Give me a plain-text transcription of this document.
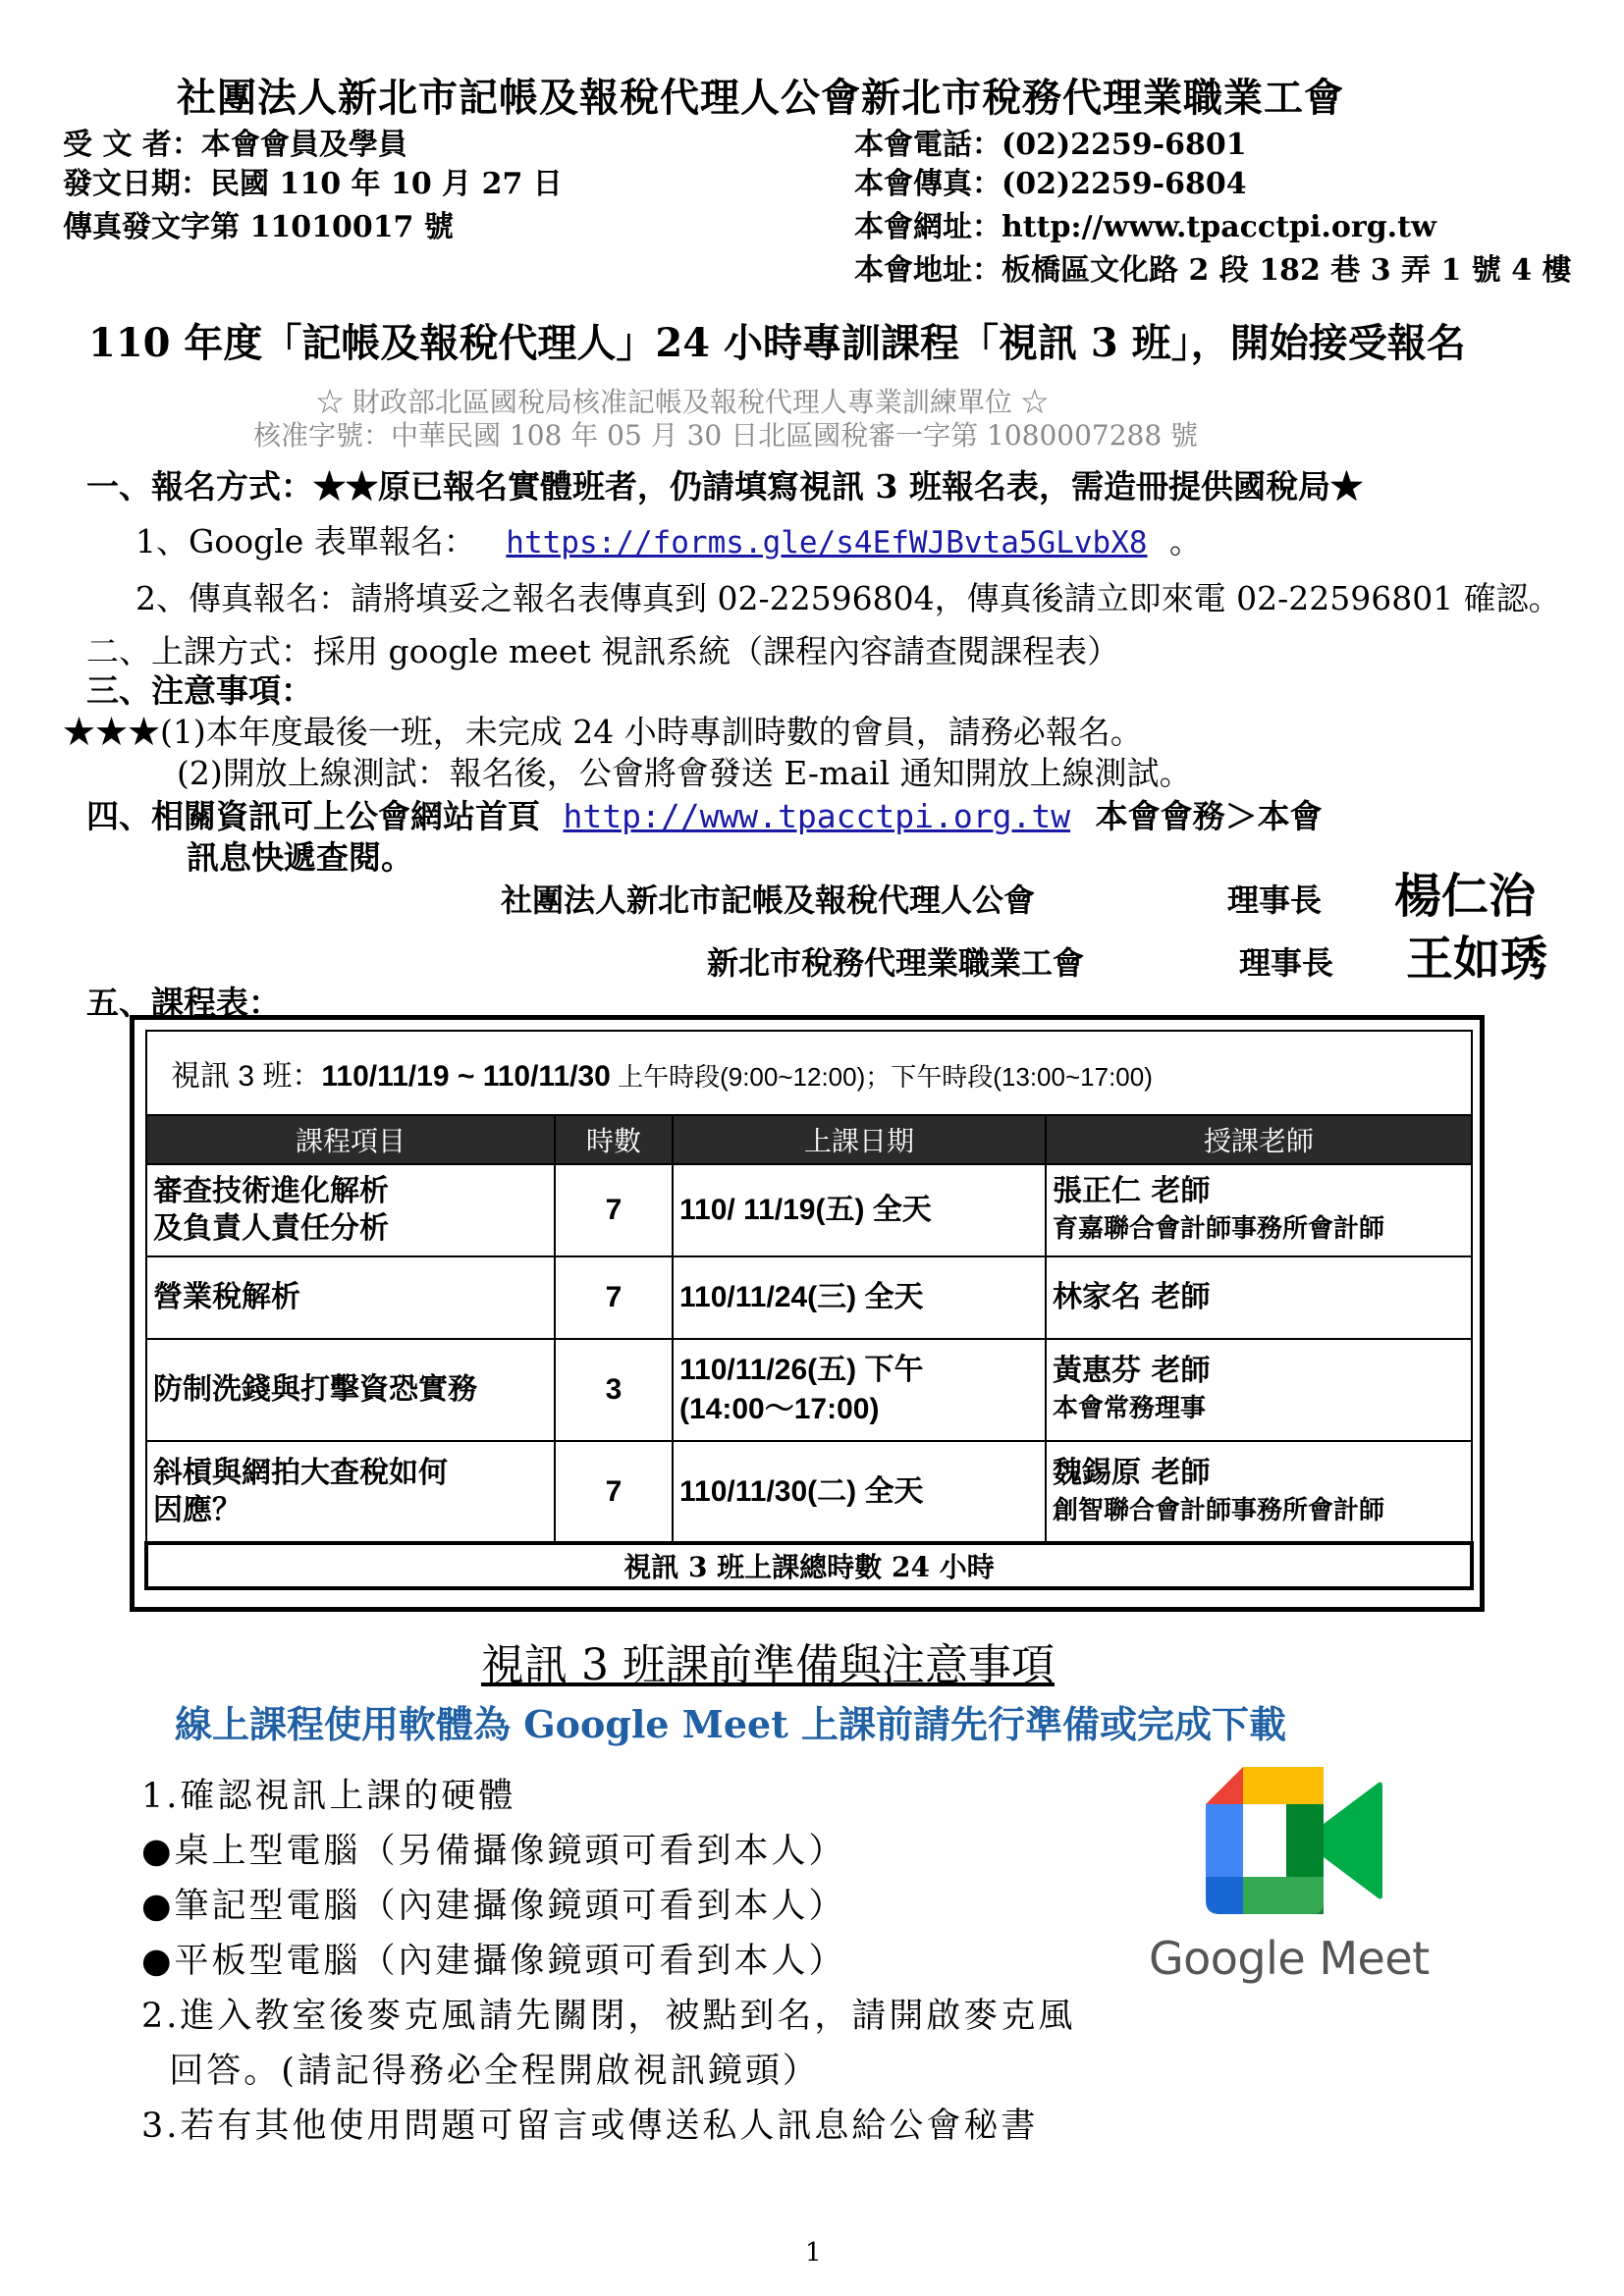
社團法人新北市記帳及報稅代理人公會新北市稅務代理業職業工會
受 文 者：本會會員及學員
發文日期：民國 110 年 10 月 27 日
傳真發文字第 11010017 號
本會電話：(02)2259-6801
本會傳真：(02)2259-6804
本會網址：http://www.tpacctpi.org.tw
本會地址：板橋區文化路 2 段 182 巷 3 弄 1 號 4 樓
110 年度「記帳及報稅代理人」24 小時專訓課程「視訊 3 班」，開始接受報名
☆ 財政部北區國稅局核准記帳及報稅代理人專業訓練單位 ☆
核准字號：中華民國 108 年 05 月 30 日北區國稅審一字第 1080007288 號
一、報名方式：★★原已報名實體班者，仍請填寫視訊 3 班報名表，需造冊提供國稅局★
1、Google 表單報名： https://forms.gle/s4EfWJBvta5GLvbX8 。
2、傳真報名：請將填妥之報名表傳真到 02-22596804，傳真後請立即來電 02-22596801 確認。
二、上課方式：採用 google meet 視訊系統（課程內容請查閱課程表）
三、注意事項：
★★★(1)本年度最後一班，未完成 24 小時專訓時數的會員，請務必報名。
(2)開放上線測試：報名後，公會將會發送 E-mail 通知開放上線測試。
四、相關資訊可上公會網站首頁 http://www.tpacctpi.org.tw 本會會務＞本會
訊息快遞查閱。
社團法人新北市記帳及報稅代理人公會	理事長 楊仁治
新北市稅務代理業職業工會	理事長 王如琇
五、課程表：
視訊 3 班：110/11/19 ~ 110/11/30 上午時段(9:00~12:00)；下午時段(13:00~17:00)			
課程項目	時數	上課日期	授課老師
審查技術進化解析
及負責人責任分析	7	110/ 11/19(五) 全天	張正仁 老師
育嘉聯合會計師事務所會計師

營業稅解析	7	110/11/24(三) 全天	林家名 老師
防制洗錢與打擊資恐實務	3	110/11/26(五) 下午
(14:00～17:00)	黃惠芬 老師
本會常務理事

斜槓與網拍大查稅如何
因應？	7	110/11/30(二) 全天	魏錫原 老師
創智聯合會計師事務所會計師

視訊 3 班上課總時數 24 小時			
視訊 3 班課前準備與注意事項
線上課程使用軟體為 Google Meet 上課前請先行準備或完成下載
1.確認視訊上課的硬體
●桌上型電腦（另備攝像鏡頭可看到本人）
●筆記型電腦（內建攝像鏡頭可看到本人）
●平板型電腦（內建攝像鏡頭可看到本人）
2.進入教室後麥克風請先關閉，被點到名，請開啟麥克風
回答。(請記得務必全程開啟視訊鏡頭）
3.若有其他使用問題可留言或傳送私人訊息給公會秘書
Google Meet
1
